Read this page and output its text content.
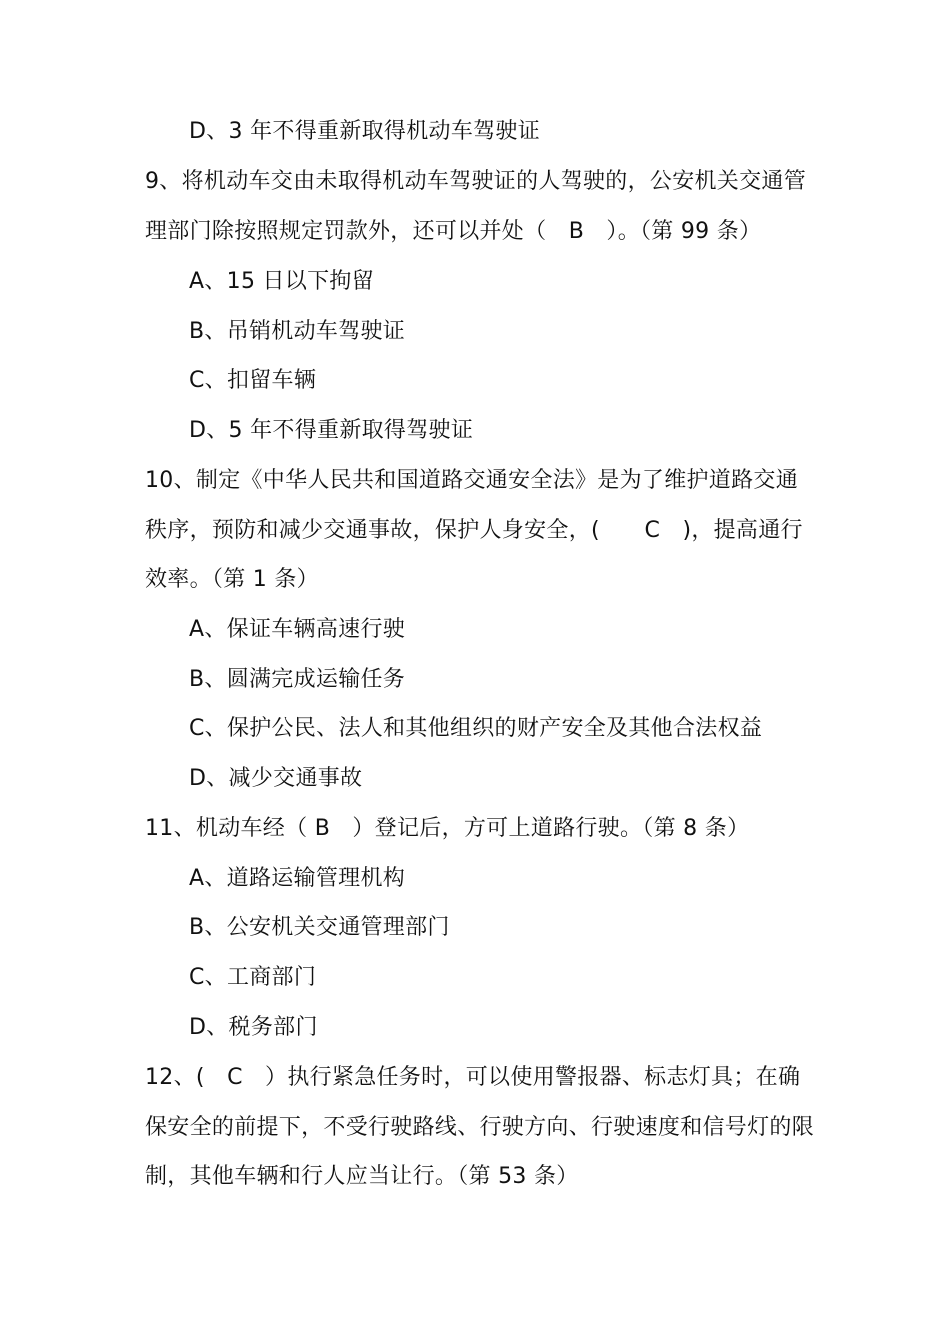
D、3 年不得重新取得机动车驾驶证
9、将机动车交由未取得机动车驾驶证的人驾驶的，公安机关交通管
理部门除按照规定罚款外，还可以并处（　B　）。（第 99 条）
A、15 日以下拘留
B、吊销机动车驾驶证
C、扣留车辆
D、5 年不得重新取得驾驶证
10、制定《中华人民共和国道路交通安全法》是为了维护道路交通
秩序，预防和减少交通事故，保护人身安全，(　　C　)，提高通行
效率。（第 1 条）
A、保证车辆高速行驶
B、圆满完成运输任务
C、保护公民、法人和其他组织的财产安全及其他合法权益
D、减少交通事故
11、机动车经（ B　）登记后，方可上道路行驶。（第 8 条）
A、道路运输管理机构
B、公安机关交通管理部门
C、工商部门
D、税务部门
12、(　C　）执行紧急任务时，可以使用警报器、标志灯具；在确
保安全的前提下，不受行驶路线、行驶方向、行驶速度和信号灯的限
制，其他车辆和行人应当让行。（第 53 条）
